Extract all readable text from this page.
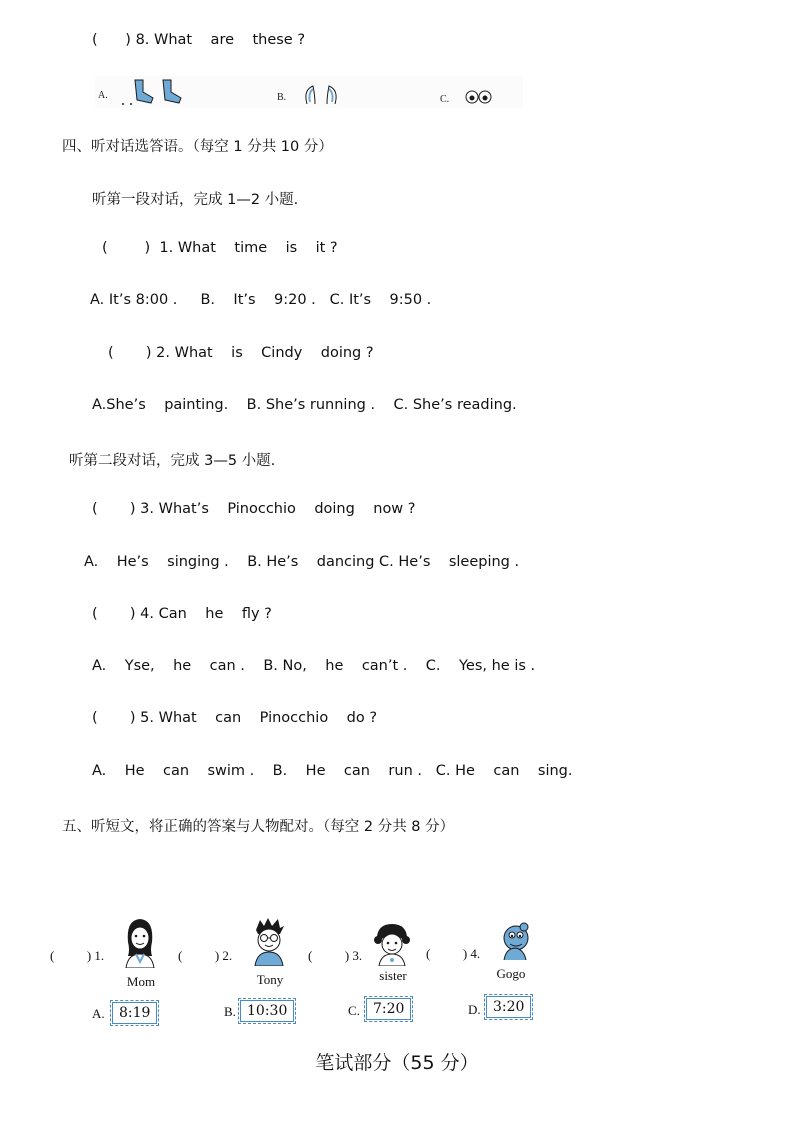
(      ) 8. What    are    these ?
A.	B.	C.
四、听对话选答语。（每空 1 分共 10 分）
听第一段对话，完成 1—2 小题.
(        )  1. What    time    is    it ?
A. It’s 8:00 .     B.    It’s    9:20 .   C. It’s    9:50 .
(       ) 2. What    is    Cindy    doing ?
A.She’s    painting.    B. She’s running .    C. She’s reading.
听第二段对话，完成 3—5 小题.
(       ) 3. What’s    Pinocchio    doing    now ?
A.    He’s    singing .    B. He’s    dancing C. He’s    sleeping .
(       ) 4. Can    he    fly ?
A.    Yse,    he    can .    B. No,    he    can’t .    C.    Yes, he is .
(       ) 5. What    can    Pinocchio    do ?
A.    He    can    swim .    B.    He    can    run .   C. He    can    sing.
五、听短文，将正确的答案与人物配对。（每空 2 分共 8 分）
(          ) 1.
Mom
(          ) 2.
Tony
(          ) 3.
sister
(          ) 4.
Gogo
A.	8:19	B. 10:30	C. 7:20	D. 3:20
笔试部分（55 分）
